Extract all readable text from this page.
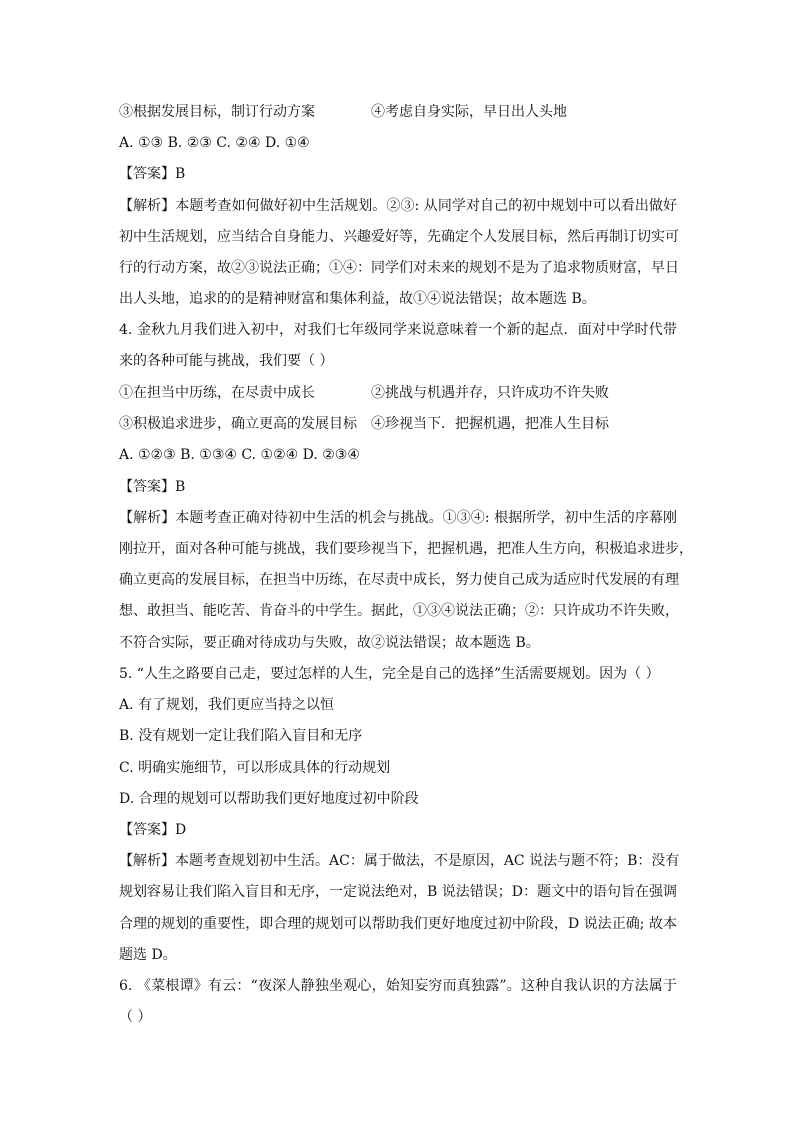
③根据发展目标，制订行动方案	④考虑自身实际，早日出人头地
A. ①③ B. ②③ C. ②④ D. ①④
【答案】B
【解析】本题考查如何做好初中生活规划。②③: 从同学对自己的初中规划中可以看出做好
初中生活规划，应当结合自身能力、兴趣爱好等，先确定个人发展目标，然后再制订切实可
行的行动方案，故②③说法正确；①④：同学们对未来的规划不是为了追求物质财富，早日
出人头地，追求的的是精神财富和集体利益，故①④说法错误；故本题选 B。
4. 金秋九月我们进入初中，对我们七年级同学来说意味着一个新的起点．面对中学时代带
来的各种可能与挑战，我们要（ ）
①在担当中历练，在尽责中成长	②挑战与机遇并存，只许成功不许失败
③积极追求进步，确立更高的发展目标 ④珍视当下．把握机遇，把准人生目标
A. ①②③ B. ①③④ C. ①②④ D. ②③④
【答案】B
【解析】本题考查正确对待初中生活的机会与挑战。①③④: 根据所学，初中生活的序幕刚
刚拉开，面对各种可能与挑战，我们要珍视当下，把握机遇，把准人生方向，积极追求进步，
确立更高的发展目标，在担当中历练，在尽责中成长，努力使自己成为适应时代发展的有理
想、敢担当、能吃苦、肯奋斗的中学生。据此，①③④说法正确；②：只许成功不许失败，
不符合实际，要正确对待成功与失败，故②说法错误；故本题选 B。
5. “人生之路要自己走，要过怎样的人生，完全是自己的选择”生活需要规划。因为（ ）
A. 有了规划，我们更应当持之以恒
B. 没有规划一定让我们陷入盲目和无序
C. 明确实施细节，可以形成具体的行动规划
D. 合理的规划可以帮助我们更好地度过初中阶段
【答案】D
【解析】本题考查规划初中生活。AC：属于做法，不是原因，AC 说法与题不符；B：没有
规划容易让我们陷入盲目和无序，一定说法绝对，B 说法错误；D：题文中的语句旨在强调
合理的规划的重要性，即合理的规划可以帮助我们更好地度过初中阶段，D 说法正确; 故本
题选 D。
6. 《菜根谭》有云：“夜深人静独坐观心，始知妄穷而真独露”。这种自我认识的方法属于
（ ）
